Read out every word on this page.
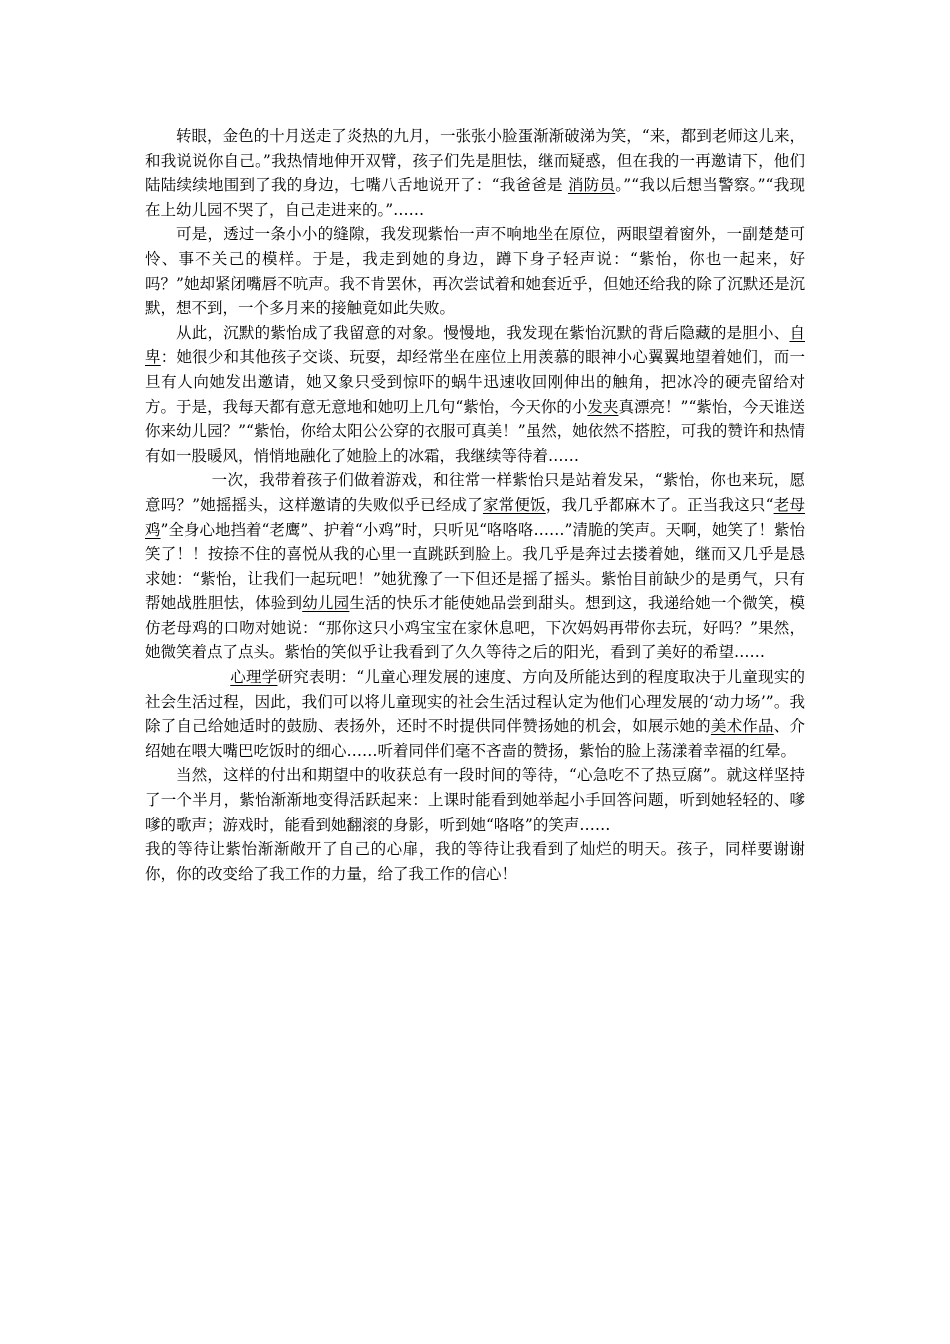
转眼，金色的十月送走了炎热的九月，一张张小脸蛋渐渐破涕为笑，“来，都到老师这儿来，和我说说你自己。”我热情地伸开双臂，孩子们先是胆怯，继而疑惑，但在我的一再邀请下，他们陆陆续续地围到了我的身边，七嘴八舌地说开了：“我爸爸是 消防员。”“我以后想当警察。”“我现在上幼儿园不哭了，自己走进来的。”……

可是，透过一条小小的缝隙，我发现紫怡一声不响地坐在原位，两眼望着窗外，一副楚楚可怜、事不关己的模样。于是，我走到她的身边，蹲下身子轻声说：“紫怡，你也一起来，好吗？”她却紧闭嘴唇不吭声。我不肯罢休，再次尝试着和她套近乎，但她还给我的除了沉默还是沉默，想不到，一个多月来的接触竟如此失败。

从此，沉默的紫怡成了我留意的对象。慢慢地，我发现在紫怡沉默的背后隐藏的是胆小、自卑：她很少和其他孩子交谈、玩耍，却经常坐在座位上用羡慕的眼神小心翼翼地望着她们，而一旦有人向她发出邀请，她又象只受到惊吓的蜗牛迅速收回刚伸出的触角，把冰冷的硬壳留给对方。于是，我每天都有意无意地和她叨上几句“紫怡，今天你的小发夹真漂亮！”“紫怡，今天谁送你来幼儿园？”“紫怡，你给太阳公公穿的衣服可真美！”虽然，她依然不搭腔，可我的赞许和热情有如一股暖风，悄悄地融化了她脸上的冰霜，我继续等待着……

一次，我带着孩子们做着游戏，和往常一样紫怡只是站着发呆，“紫怡，你也来玩，愿意吗？”她摇摇头，这样邀请的失败似乎已经成了家常便饭，我几乎都麻木了。正当我这只“老母鸡”全身心地挡着“老鹰”、护着“小鸡”时，只听见“咯咯咯……”清脆的笑声。天啊，她笑了！紫怡笑了！！按捺不住的喜悦从我的心里一直跳跃到脸上。我几乎是奔过去搂着她，继而又几乎是恳求她：“紫怡，让我们一起玩吧！”她犹豫了一下但还是摇了摇头。紫怡目前缺少的是勇气，只有帮她战胜胆怯，体验到幼儿园生活的快乐才能使她品尝到甜头。想到这，我递给她一个微笑，模仿老母鸡的口吻对她说：“那你这只小鸡宝宝在家休息吧，下次妈妈再带你去玩，好吗？”果然，她微笑着点了点头。紫怡的笑似乎让我看到了久久等待之后的阳光，看到了美好的希望……

心理学研究表明：“儿童心理发展的速度、方向及所能达到的程度取决于儿童现实的社会生活过程，因此，我们可以将儿童现实的社会生活过程认定为他们心理发展的‘动力场’”。我除了自己给她适时的鼓励、表扬外，还时不时提供同伴赞扬她的机会，如展示她的美术作品、介绍她在喂大嘴巴吃饭时的细心……听着同伴们毫不吝啬的赞扬，紫怡的脸上荡漾着幸福的红晕。

当然，这样的付出和期望中的收获总有一段时间的等待，“心急吃不了热豆腐”。就这样坚持了一个半月，紫怡渐渐地变得活跃起来：上课时能看到她举起小手回答问题，听到她轻轻的、嗲嗲的歌声；游戏时，能看到她翻滚的身影，听到她“咯咯”的笑声……

我的等待让紫怡渐渐敞开了自己的心扉，我的等待让我看到了灿烂的明天。孩子，同样要谢谢你，你的改变给了我工作的力量，给了我工作的信心！
